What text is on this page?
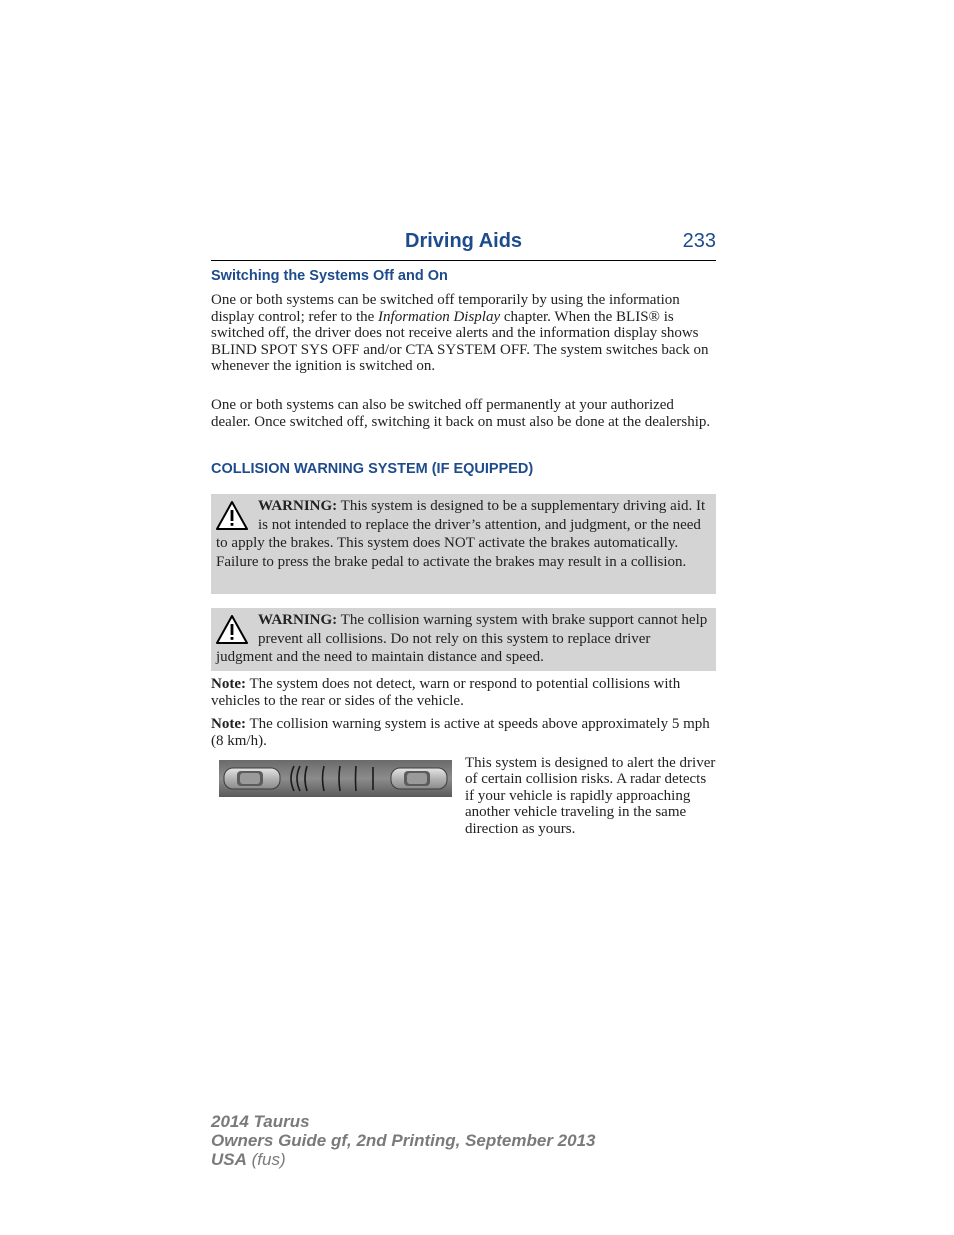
Driving Aids	233
Switching the Systems Off and On
One or both systems can be switched off temporarily by using the information display control; refer to the Information Display chapter. When the BLIS® is switched off, the driver does not receive alerts and the information display shows BLIND SPOT SYS OFF and/or CTA SYSTEM OFF. The system switches back on whenever the ignition is switched on.
One or both systems can also be switched off permanently at your authorized dealer. Once switched off, switching it back on must also be done at the dealership.
COLLISION WARNING SYSTEM (IF EQUIPPED)
WARNING: This system is designed to be a supplementary driving aid. It is not intended to replace the driver’s attention, and judgment, or the need to apply the brakes. This system does NOT activate the brakes automatically. Failure to press the brake pedal to activate the brakes may result in a collision.
WARNING: The collision warning system with brake support cannot help prevent all collisions. Do not rely on this system to replace driver judgment and the need to maintain distance and speed.
Note: The system does not detect, warn or respond to potential collisions with vehicles to the rear or sides of the vehicle.
Note: The collision warning system is active at speeds above approximately 5 mph (8 km/h).
This system is designed to alert the driver of certain collision risks. A radar detects if your vehicle is rapidly approaching another vehicle traveling in the same direction as yours.
2014 Taurus
Owners Guide gf, 2nd Printing, September 2013
USA (fus)
